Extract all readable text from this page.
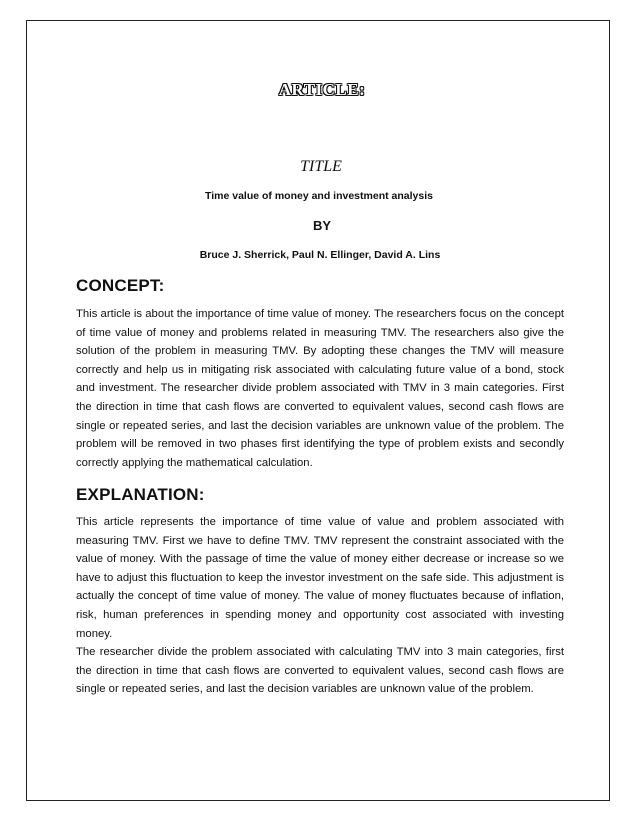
ARTICLE:
TITLE
Time value of money and investment analysis
BY
Bruce J. Sherrick, Paul N. Ellinger, David A. Lins
CONCEPT:

This article is about the importance of time value of money. The researchers focus on the concept of time value of money and problems related in measuring TMV. The researchers also give the solution of the problem in measuring TMV. By adopting these changes the TMV will measure correctly and help us in mitigating risk associated with calculating future value of a bond, stock and investment. The researcher divide problem associated with TMV in 3 main categories. First the direction in time that cash flows are converted to equivalent values, second cash flows are single or repeated series, and last the decision variables are unknown value of the problem. The problem will be removed in two phases first identifying the type of problem exists and secondly correctly applying the mathematical calculation.

EXPLANATION:

This article represents the importance of time value of value and problem associated with measuring TMV. First we have to define TMV. TMV represent the constraint associated with the value of money. With the passage of time the value of money either decrease or increase so we have to adjust this fluctuation to keep the investor investment on the safe side. This adjustment is actually the concept of time value of money. The value of money fluctuates because of inflation, risk, human preferences in spending money and opportunity cost associated with investing money.

The researcher divide the problem associated with calculating TMV into 3 main categories, first the direction in time that cash flows are converted to equivalent values, second cash flows are single or repeated series, and last the decision variables are unknown value of the problem.
